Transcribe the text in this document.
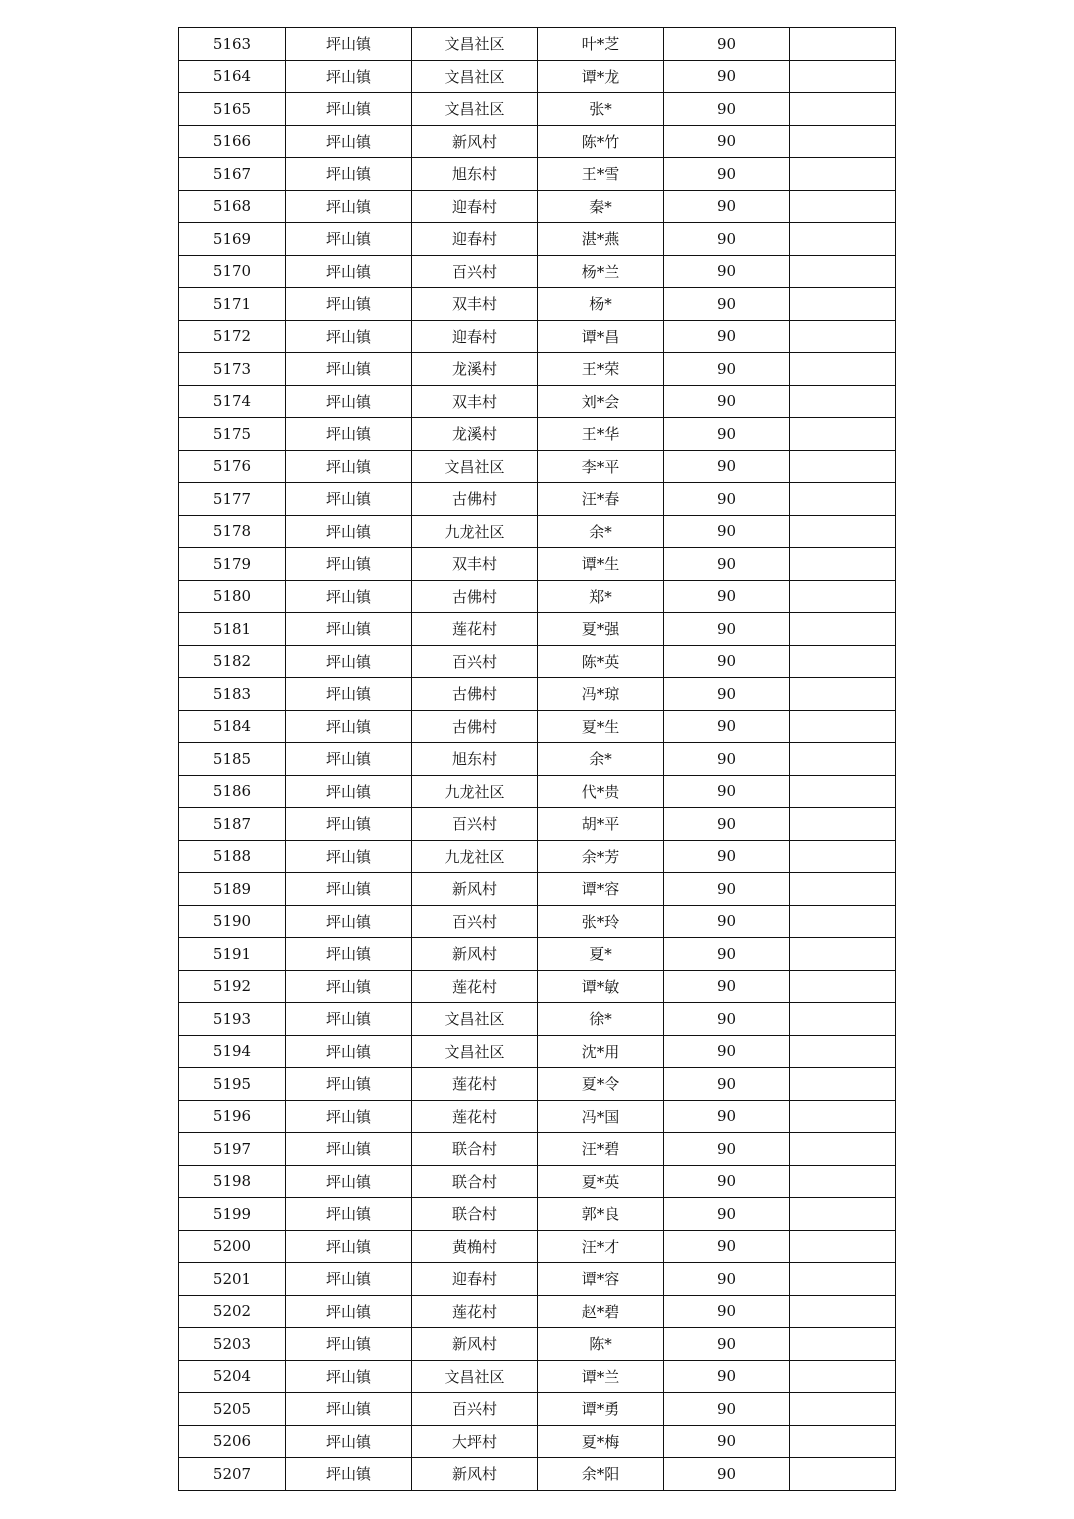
5163	坪山镇	文昌社区	叶*芝	90	
5164	坪山镇	文昌社区	谭*龙	90	
5165	坪山镇	文昌社区	张*	90	
5166	坪山镇	新风村	陈*竹	90	
5167	坪山镇	旭东村	王*雪	90	
5168	坪山镇	迎春村	秦*	90	
5169	坪山镇	迎春村	湛*燕	90	
5170	坪山镇	百兴村	杨*兰	90	
5171	坪山镇	双丰村	杨*	90	
5172	坪山镇	迎春村	谭*昌	90	
5173	坪山镇	龙溪村	王*荣	90	
5174	坪山镇	双丰村	刘*会	90	
5175	坪山镇	龙溪村	王*华	90	
5176	坪山镇	文昌社区	李*平	90	
5177	坪山镇	古佛村	汪*春	90	
5178	坪山镇	九龙社区	余*	90	
5179	坪山镇	双丰村	谭*生	90	
5180	坪山镇	古佛村	郑*	90	
5181	坪山镇	莲花村	夏*强	90	
5182	坪山镇	百兴村	陈*英	90	
5183	坪山镇	古佛村	冯*琼	90	
5184	坪山镇	古佛村	夏*生	90	
5185	坪山镇	旭东村	余*	90	
5186	坪山镇	九龙社区	代*贵	90	
5187	坪山镇	百兴村	胡*平	90	
5188	坪山镇	九龙社区	余*芳	90	
5189	坪山镇	新风村	谭*容	90	
5190	坪山镇	百兴村	张*玲	90	
5191	坪山镇	新风村	夏*	90	
5192	坪山镇	莲花村	谭*敏	90	
5193	坪山镇	文昌社区	徐*	90	
5194	坪山镇	文昌社区	沈*用	90	
5195	坪山镇	莲花村	夏*令	90	
5196	坪山镇	莲花村	冯*国	90	
5197	坪山镇	联合村	汪*碧	90	
5198	坪山镇	联合村	夏*英	90	
5199	坪山镇	联合村	郭*良	90	
5200	坪山镇	黄桷村	汪*才	90	
5201	坪山镇	迎春村	谭*容	90	
5202	坪山镇	莲花村	赵*碧	90	
5203	坪山镇	新风村	陈*	90	
5204	坪山镇	文昌社区	谭*兰	90	
5205	坪山镇	百兴村	谭*勇	90	
5206	坪山镇	大坪村	夏*梅	90	
5207	坪山镇	新风村	余*阳	90	
